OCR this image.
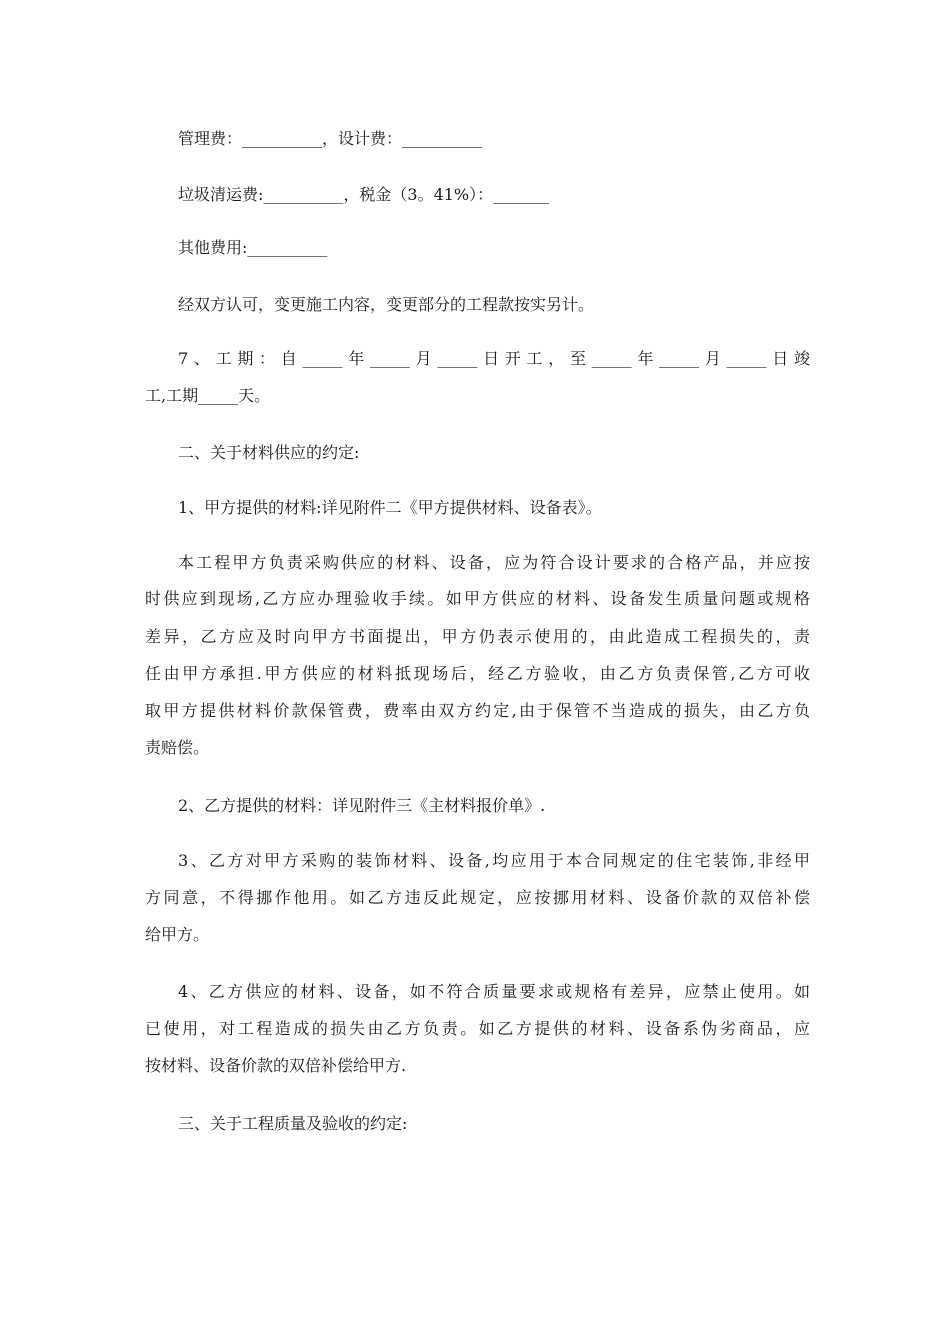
管理费：__________，设计费：__________

垃圾清运费:__________，税金（3。41%）：_______

其他费用:__________

经双方认可，变更施工内容，变更部分的工程款按实另计。

7、工期：自_____年_____月_____日开工，至_____年_____月_____日竣

工,工期_____天。

二、关于材料供应的约定:

1、甲方提供的材料:详见附件二《甲方提供材料、设备表》。

本工程甲方负责采购供应的材料、设备，应为符合设计要求的合格产品，并应按

时供应到现场,乙方应办理验收手续。如甲方供应的材料、设备发生质量问题或规格

差异，乙方应及时向甲方书面提出，甲方仍表示使用的，由此造成工程损失的，责

任由甲方承担.甲方供应的材料抵现场后，经乙方验收，由乙方负责保管,乙方可收

取甲方提供材料价款保管费，费率由双方约定,由于保管不当造成的损失，由乙方负

责赔偿。

2、乙方提供的材料：详见附件三《主材料报价单》.

3、乙方对甲方采购的装饰材料、设备,均应用于本合同规定的住宅装饰,非经甲

方同意，不得挪作他用。如乙方违反此规定，应按挪用材料、设备价款的双倍补偿

给甲方。

4、乙方供应的材料、设备，如不符合质量要求或规格有差异，应禁止使用。如

已使用，对工程造成的损失由乙方负责。如乙方提供的材料、设备系伪劣商品，应

按材料、设备价款的双倍补偿给甲方.

三、关于工程质量及验收的约定:
